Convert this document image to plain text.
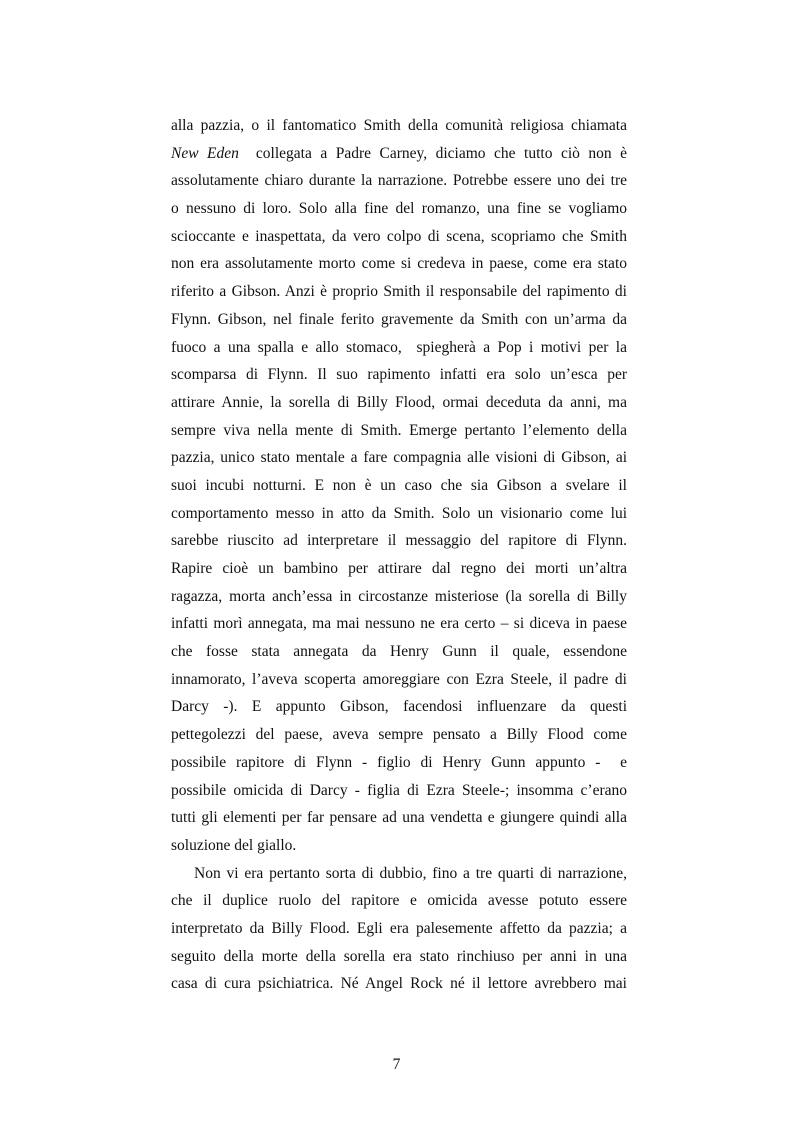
alla pazzia, o il fantomatico Smith della comunità religiosa chiamata
New Eden  collegata a Padre Carney, diciamo che tutto ciò non è
assolutamente chiaro durante la narrazione. Potrebbe essere uno dei tre
o nessuno di loro. Solo alla fine del romanzo, una fine se vogliamo
scioccante e inaspettata, da vero colpo di scena, scopriamo che Smith
non era assolutamente morto come si credeva in paese, come era stato
riferito a Gibson. Anzi è proprio Smith il responsabile del rapimento di
Flynn. Gibson, nel finale ferito gravemente da Smith con un’arma da
fuoco a una spalla e allo stomaco,  spiegherà a Pop i motivi per la
scomparsa di Flynn. Il suo rapimento infatti era solo un’esca per
attirare Annie, la sorella di Billy Flood, ormai deceduta da anni, ma
sempre viva nella mente di Smith. Emerge pertanto l’elemento della
pazzia, unico stato mentale a fare compagnia alle visioni di Gibson, ai
suoi incubi notturni. E non è un caso che sia Gibson a svelare il
comportamento messo in atto da Smith. Solo un visionario come lui
sarebbe riuscito ad interpretare il messaggio del rapitore di Flynn.
Rapire cioè un bambino per attirare dal regno dei morti un’altra
ragazza, morta anch’essa in circostanze misteriose (la sorella di Billy
infatti morì annegata, ma mai nessuno ne era certo – si diceva in paese
che fosse stata annegata da Henry Gunn il quale, essendone
innamorato, l’aveva scoperta amoreggiare con Ezra Steele, il padre di
Darcy -). E appunto Gibson, facendosi influenzare da questi
pettegolezzi del paese, aveva sempre pensato a Billy Flood come
possibile rapitore di Flynn - figlio di Henry Gunn appunto -  e
possibile omicida di Darcy - figlia di Ezra Steele-; insomma c’erano
tutti gli elementi per far pensare ad una vendetta e giungere quindi alla
soluzione del giallo.
Non vi era pertanto sorta di dubbio, fino a tre quarti di narrazione,
che il duplice ruolo del rapitore e omicida avesse potuto essere
interpretato da Billy Flood. Egli era palesemente affetto da pazzia; a
seguito della morte della sorella era stato rinchiuso per anni in una
casa di cura psichiatrica. Né Angel Rock né il lettore avrebbero mai
7
